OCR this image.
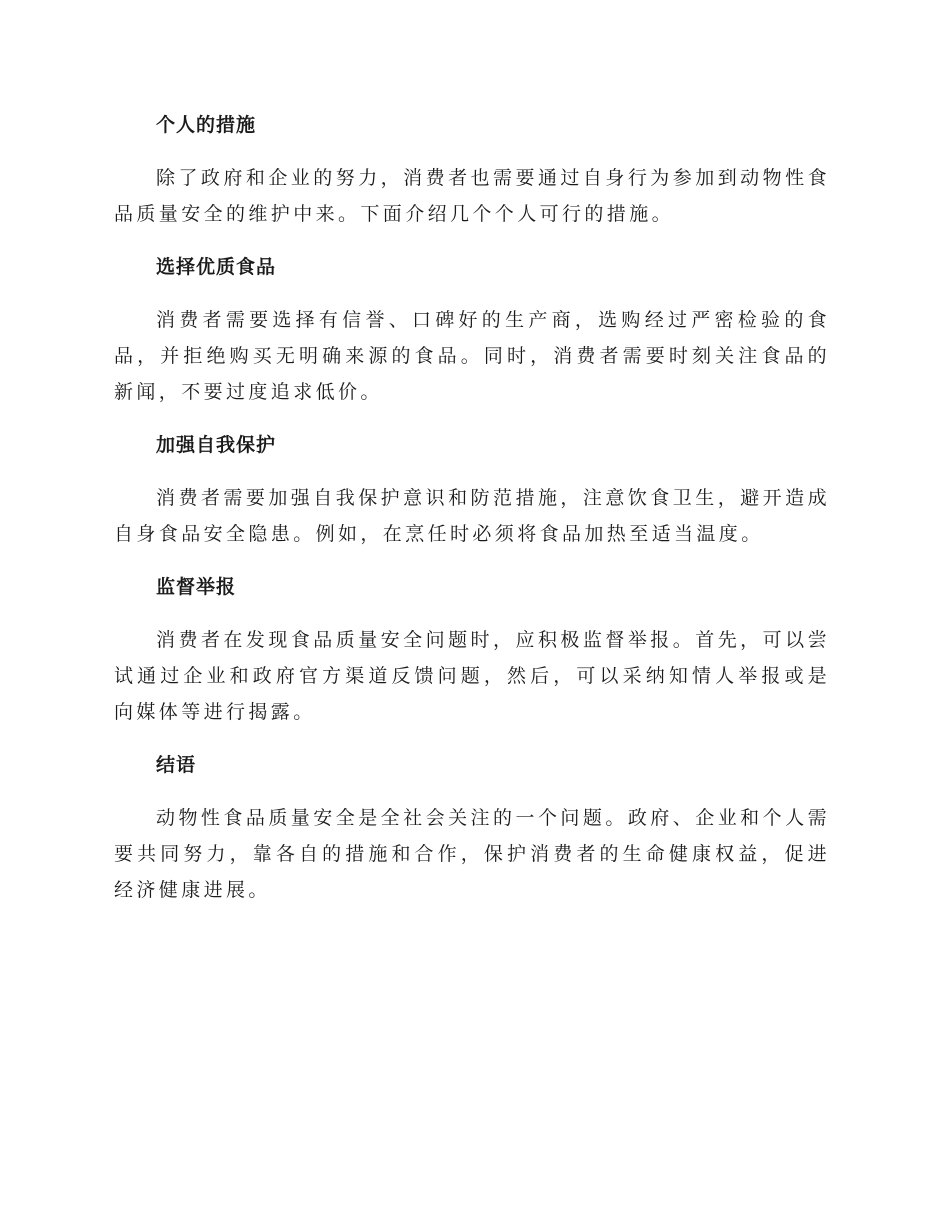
个人的措施

除了政府和企业的努力，消费者也需要通过自身行为参加到动物性食品质量安全的维护中来。下面介绍几个个人可行的措施。

选择优质食品

消费者需要选择有信誉、口碑好的生产商，选购经过严密检验的食品，并拒绝购买无明确来源的食品。同时，消费者需要时刻关注食品的新闻，不要过度追求低价。

加强自我保护

消费者需要加强自我保护意识和防范措施，注意饮食卫生，避开造成自身食品安全隐患。例如，在烹任时必须将食品加热至适当温度。

监督举报

消费者在发现食品质量安全问题时，应积极监督举报。首先，可以尝试通过企业和政府官方渠道反馈问题，然后，可以采纳知情人举报或是向媒体等进行揭露。

结语

动物性食品质量安全是全社会关注的一个问题。政府、企业和个人需要共同努力，靠各自的措施和合作，保护消费者的生命健康权益，促进经济健康进展。
